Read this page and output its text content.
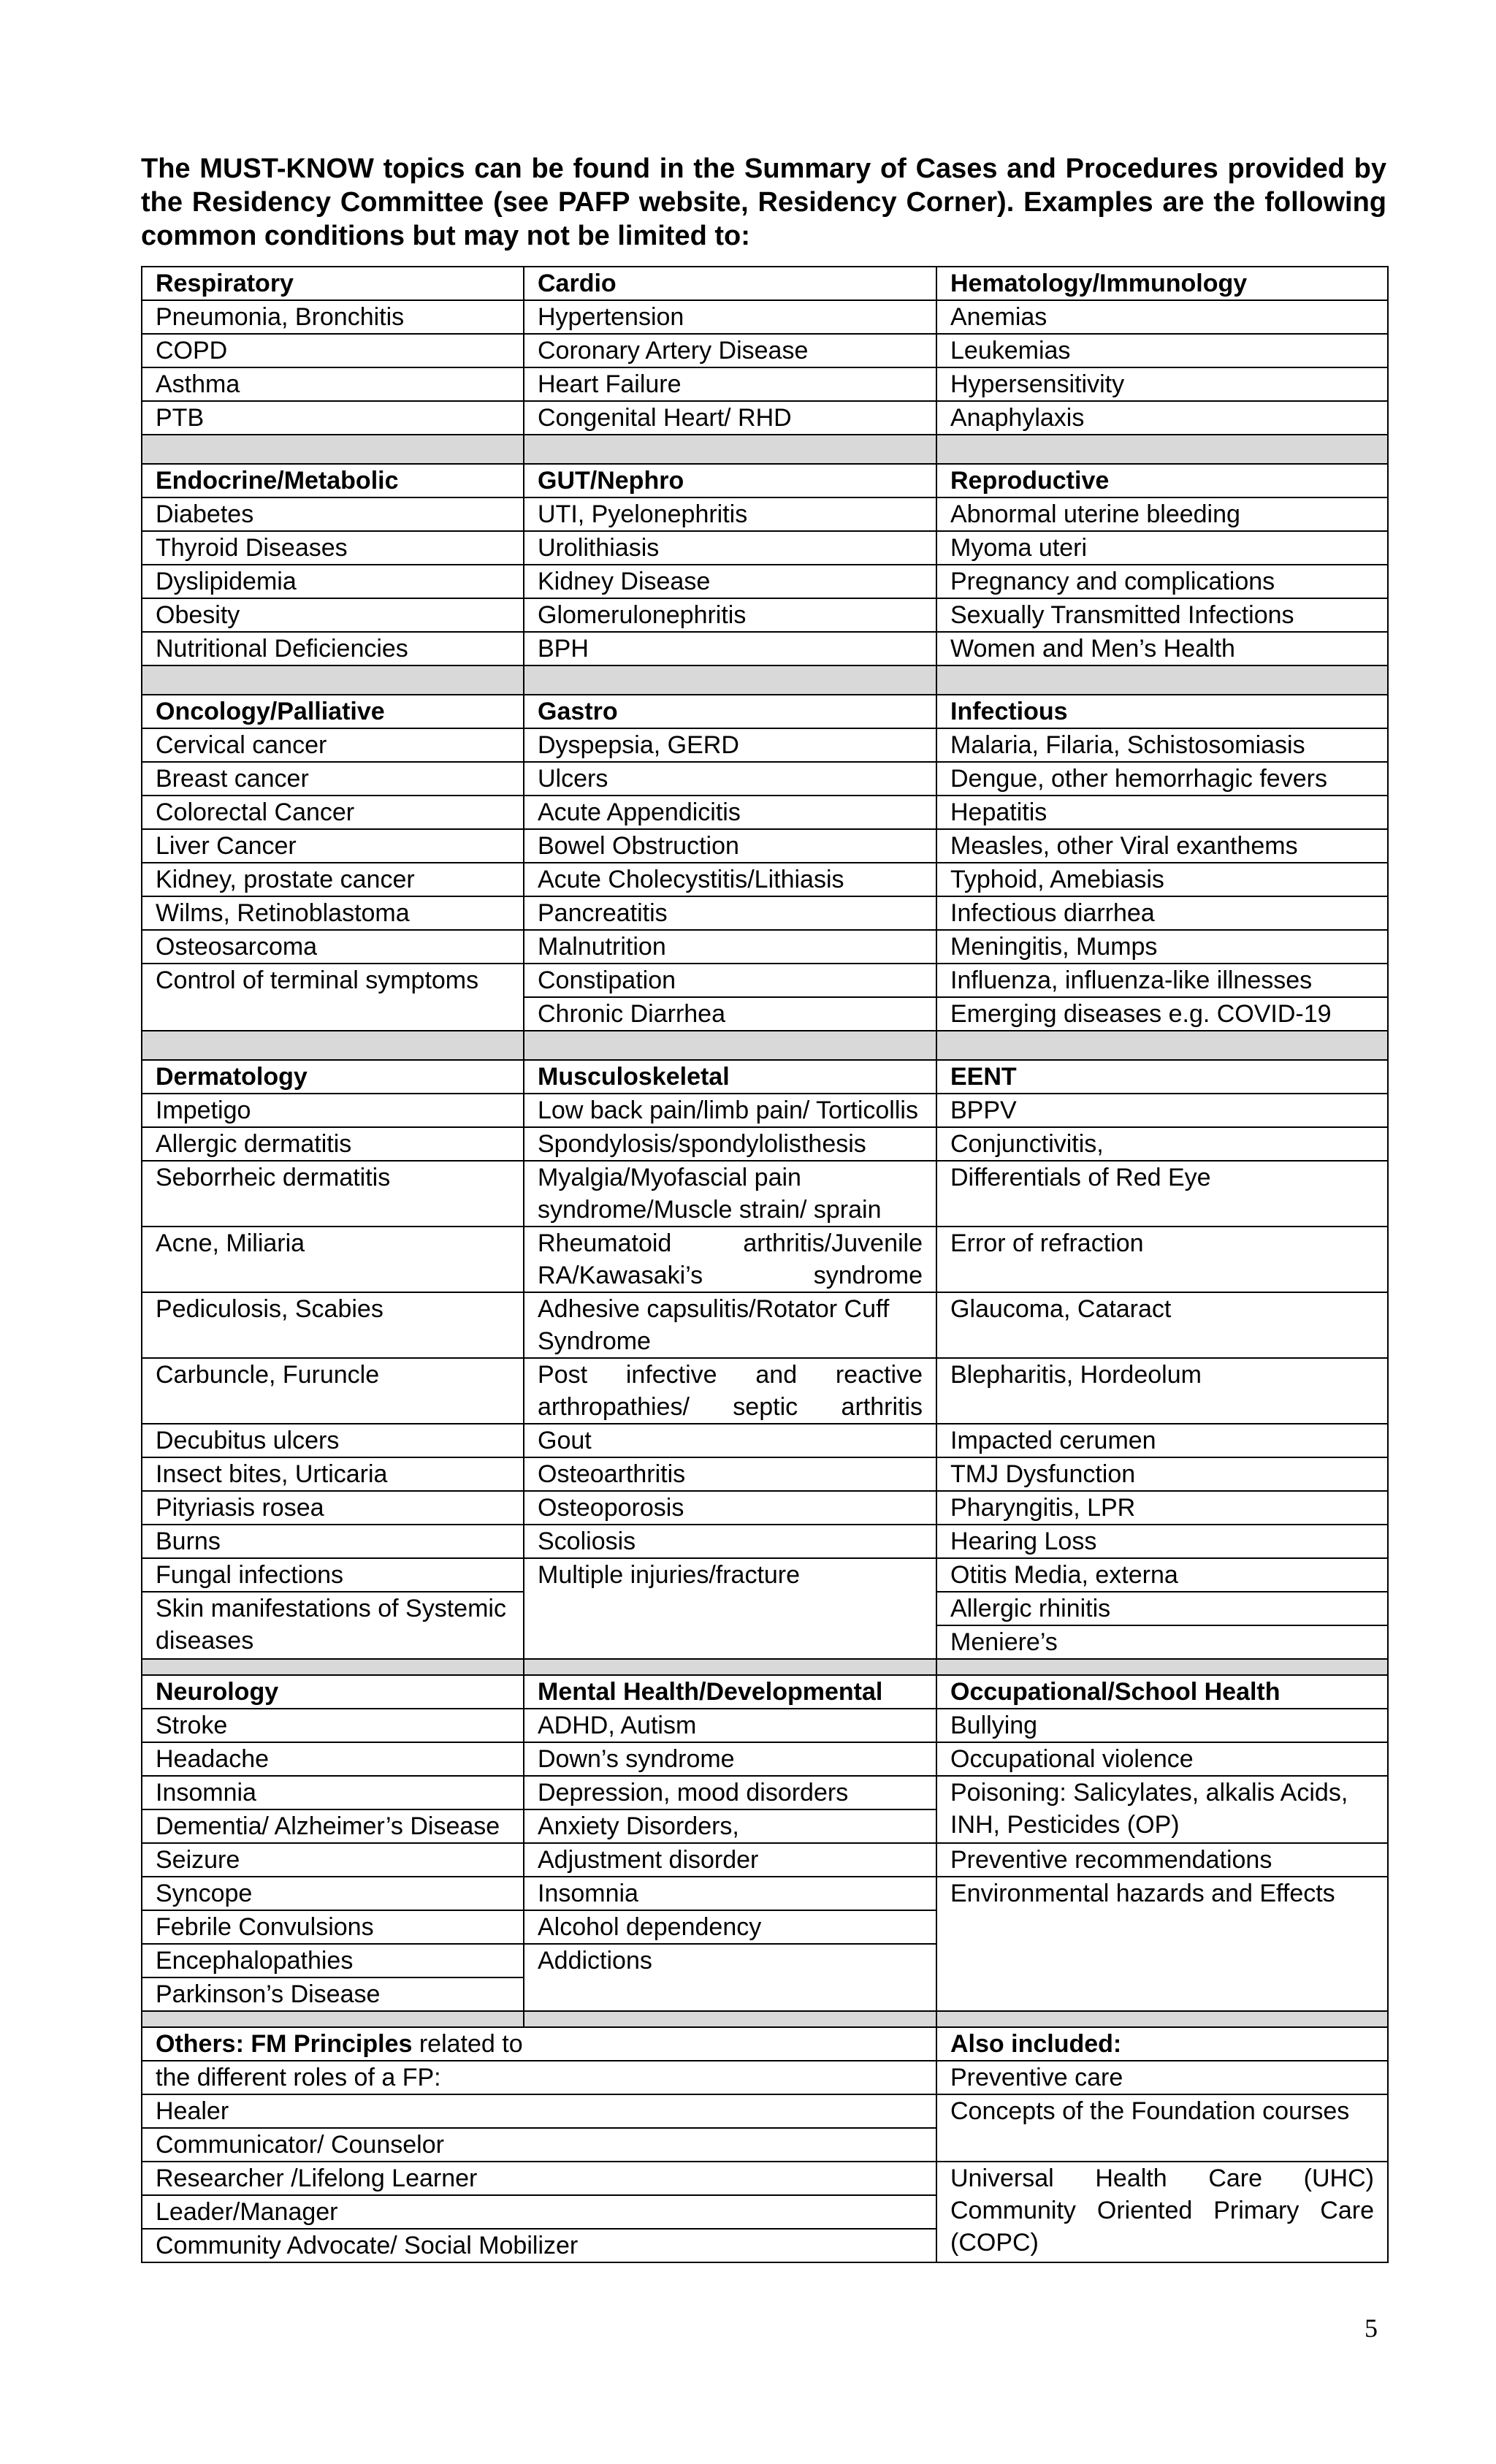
The MUST-KNOW topics can be found in the Summary of Cases and Procedures provided by the Residency Committee (see PAFP website, Residency Corner). Examples are the following common conditions but may not be limited to:

Respiratory	Cardio	Hematology/Immunology
Pneumonia, Bronchitis	Hypertension	Anemias
COPD	Coronary Artery Disease	Leukemias
Asthma	Heart Failure	Hypersensitivity
PTB	Congenital Heart/ RHD	Anaphylaxis

Endocrine/Metabolic	GUT/Nephro	Reproductive
Diabetes	UTI, Pyelonephritis	Abnormal uterine bleeding
Thyroid Diseases	Urolithiasis	Myoma uteri
Dyslipidemia	Kidney Disease	Pregnancy and complications
Obesity	Glomerulonephritis	Sexually Transmitted Infections
Nutritional Deficiencies	BPH	Women and Men’s Health

Oncology/Palliative	Gastro	Infectious
Cervical cancer	Dyspepsia, GERD	Malaria, Filaria, Schistosomiasis
Breast cancer	Ulcers	Dengue, other hemorrhagic fevers
Colorectal Cancer	Acute Appendicitis	Hepatitis
Liver Cancer	Bowel Obstruction	Measles, other Viral exanthems
Kidney, prostate cancer	Acute Cholecystitis/Lithiasis	Typhoid, Amebiasis
Wilms, Retinoblastoma	Pancreatitis	Infectious diarrhea
Osteosarcoma	Malnutrition	Meningitis, Mumps
Control of terminal symptoms	Constipation	Influenza, influenza-like illnesses
	Chronic Diarrhea	Emerging diseases e.g. COVID-19

Dermatology	Musculoskeletal	EENT
Impetigo	Low back pain/limb pain/ Torticollis	BPPV
Allergic dermatitis	Spondylosis/spondylolisthesis	Conjunctivitis,
Seborrheic dermatitis	Myalgia/Myofascial pain syndrome/Muscle strain/ sprain	Differentials of Red Eye
Acne, Miliaria	Rheumatoid arthritis/Juvenile RA/Kawasaki’s syndrome	Error of refraction
Pediculosis, Scabies	Adhesive capsulitis/Rotator Cuff Syndrome	Glaucoma, Cataract
Carbuncle, Furuncle	Post infective and reactive arthropathies/ septic arthritis	Blepharitis, Hordeolum
Decubitus ulcers	Gout	Impacted cerumen
Insect bites, Urticaria	Osteoarthritis	TMJ Dysfunction
Pityriasis rosea	Osteoporosis	Pharyngitis, LPR
Burns	Scoliosis	Hearing Loss
Fungal infections	Multiple injuries/fracture	Otitis Media, externa
Skin manifestations of Systemic diseases		Allergic rhinitis
		Meniere’s

Neurology	Mental Health/Developmental	Occupational/School Health
Stroke	ADHD, Autism	Bullying
Headache	Down’s syndrome	Occupational violence
Insomnia	Depression, mood disorders	Poisoning: Salicylates, alkalis Acids, INH, Pesticides (OP)
Dementia/ Alzheimer’s Disease	Anxiety Disorders,	
Seizure	Adjustment disorder	Preventive recommendations
Syncope	Insomnia	Environmental hazards and Effects
Febrile Convulsions	Alcohol dependency	
Encephalopathies	Addictions	
Parkinson’s Disease		

Others: FM Principles related to		Also included:
the different roles of a FP:		Preventive care
Healer		Concepts of the Foundation courses
Communicator/ Counselor		
Researcher /Lifelong Learner		Universal Health Care (UHC) Community Oriented Primary Care (COPC)
Leader/Manager		
Community Advocate/ Social Mobilizer		
5
